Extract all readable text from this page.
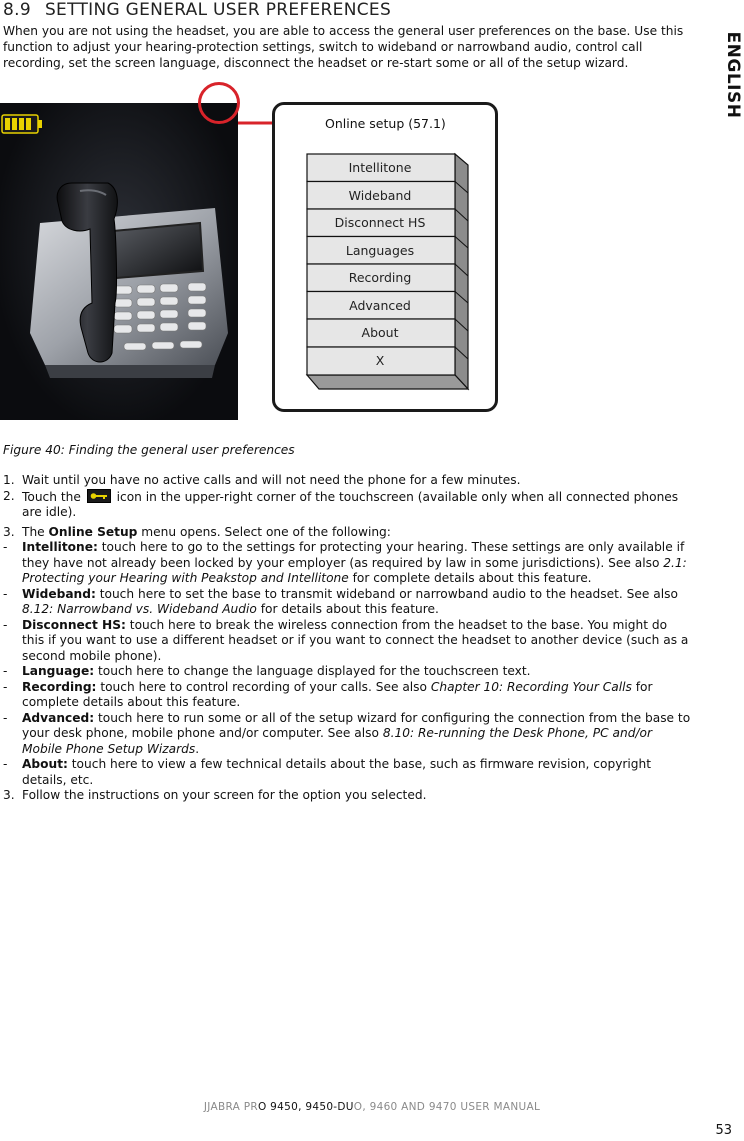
8.9 SETTING GENERAL USER PREFERENCES
When you are not using the headset, you are able to access the general user preferences on the base. Use this function to adjust your hearing-protection settings, switch to wideband or narrowband audio, control call recording, set the screen language, disconnect the headset or re-start some or all of the setup wizard.	ENGLISH
Online setup (57.1)
Intellitone
Wideband
Disconnect HS
Languages
Recording
Advanced
About
X
Figure 40: Finding the general user preferences
1. Wait until you have no active calls and will not need the phone for a few minutes.
2. Touch the	icon in the upper-right corner of the touchscreen (available only when all connected phones are idle).
3. The Online Setup menu opens. Select one of the following:
- Intellitone: touch here to go to the settings for protecting your hearing. These settings are only available if they have not already been locked by your employer (as required by law in some jurisdictions). See also 2.1: Protecting your Hearing with Peakstop and Intellitone for complete details about this feature.
- Wideband: touch here to set the base to transmit wideband or narrowband audio to the headset. See also 8.12: Narrowband vs. Wideband Audio for details about this feature.
- Disconnect HS: touch here to break the wireless connection from the headset to the base. You might do this if you want to use a different headset or if you want to connect the headset to another device (such as a second mobile phone).
- Language: touch here to change the language displayed for the touchscreen text.
- Recording: touch here to control recording of your calls. See also Chapter 10: Recording Your Calls for complete details about this feature.
- Advanced: touch here to run some or all of the setup wizard for configuring the connection from the base to your desk phone, mobile phone and/or computer. See also 8.10: Re-running the Desk Phone, PC and/or Mobile Phone Setup Wizards.
- About: touch here to view a few technical details about the base, such as firmware revision, copyright details, etc.
3. Follow the instructions on your screen for the option you selected.
JJABRA PRO 9450, 9450-DUO, 9460 AND 9470 USER MANUAL
53
